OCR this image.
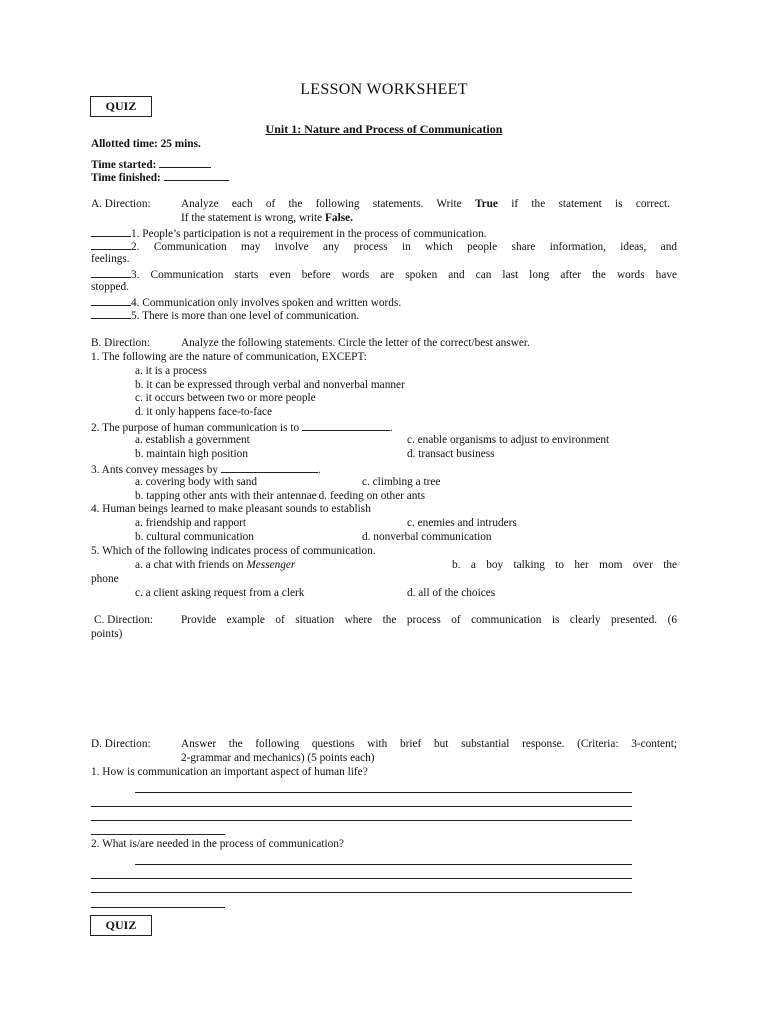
LESSON WORKSHEET
QUIZ
Unit 1: Nature and Process of Communication
Allotted time: 25 mins.
Time started:
Time finished:
A. Direction:	Analyze each of the following statements. Write True if the statement is correct.
If the statement is wrong, write False.
1. People’s participation is not a requirement in the process of communication.
2. Communication may involve any process in which people share information, ideas, and
feelings.
3. Communication starts even before words are spoken and can last long after the words have
stopped.
4. Communication only involves spoken and written words.
5. There is more than one level of communication.
B. Direction:	Analyze the following statements. Circle the letter of the correct/best answer.
1. The following are the nature of communication, EXCEPT:
a. it is a process
b. it can be expressed through verbal and nonverbal manner
c. it occurs between two or more people
d. it only happens face-to-face
2. The purpose of human communication is to	.
a. establish a government	c. enable organisms to adjust to environment
b. maintain high position	d. transact business
3. Ants convey messages by	.
a. covering body with sand	c. climbing a tree
b. tapping other ants with their antennae d. feeding on other ants
4. Human beings learned to make pleasant sounds to establish
a. friendship and rapport	c. enemies and intruders
b. cultural communication	d. nonverbal communication
5. Which of the following indicates process of communication.
a. a chat with friends on Messenger	b. a boy talking to her mom over the
phone
c. a client asking request from a clerk	d. all of the choices
C. Direction: Provide example of situation where the process of communication is clearly presented. (6
points)
D. Direction:	Answer the following questions with brief but substantial response. (Criteria: 3-content;
2-grammar and mechanics) (5 points each)
1. How is communication an important aspect of human life?
2. What is/are needed in the process of communication?
QUIZ
